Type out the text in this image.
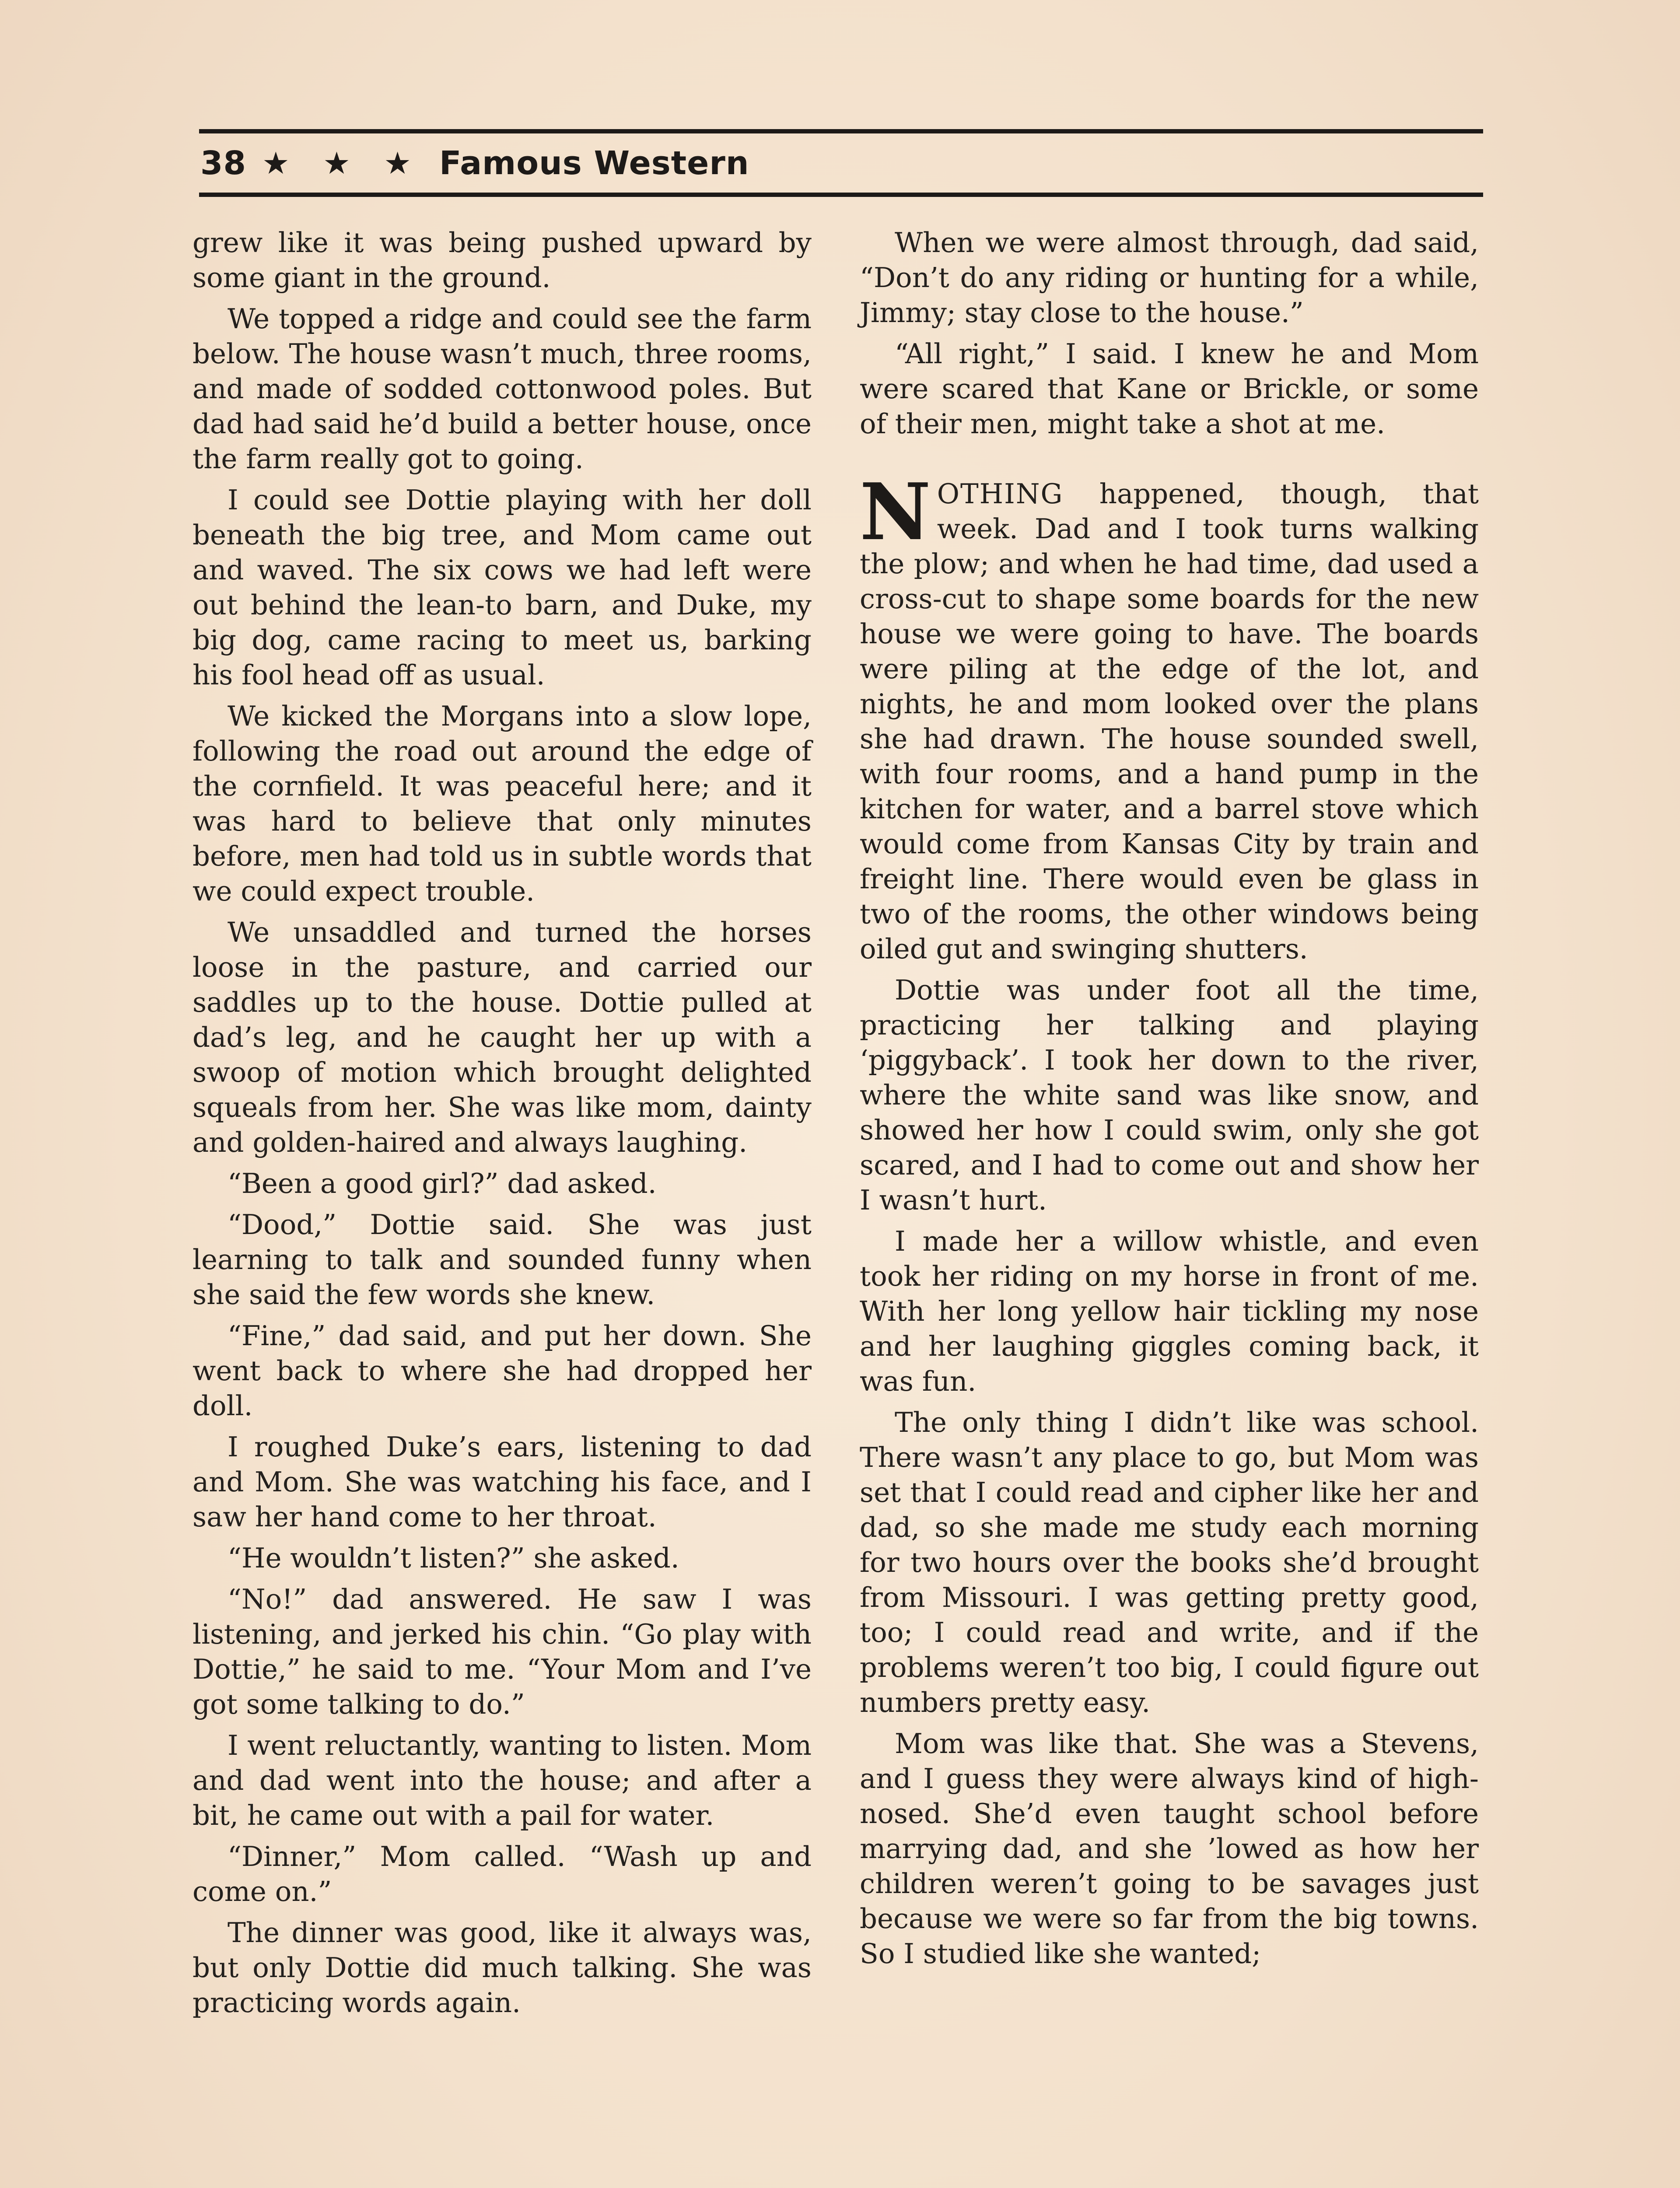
38 ★ ★ ★ Famous Western

grew like it was being pushed upward by some giant in the ground.

We topped a ridge and could see the farm below. The house wasn’t much, three rooms, and made of sodded cottonwood poles. But dad had said he’d build a better house, once the farm really got to going.

I could see Dottie playing with her doll beneath the big tree, and Mom came out and waved. The six cows we had left were out behind the lean-to barn, and Duke, my big dog, came racing to meet us, barking his fool head off as usual.

We kicked the Morgans into a slow lope, following the road out around the edge of the cornfield. It was peaceful here; and it was hard to believe that only minutes before, men had told us in subtle words that we could expect trouble.

We unsaddled and turned the horses loose in the pasture, and carried our saddles up to the house. Dottie pulled at dad’s leg, and he caught her up with a swoop of motion which brought delighted squeals from her. She was like mom, dainty and golden-haired and always laughing.

“Been a good girl?” dad asked.

“Dood,” Dottie said. She was just learning to talk and sounded funny when she said the few words she knew.

“Fine,” dad said, and put her down. She went back to where she had dropped her doll.

I roughed Duke’s ears, listening to dad and Mom. She was watching his face, and I saw her hand come to her throat.

“He wouldn’t listen?” she asked.

“No!” dad answered. He saw I was listening, and jerked his chin. “Go play with Dottie,” he said to me. “Your Mom and I’ve got some talking to do.”

I went reluctantly, wanting to listen. Mom and dad went into the house; and after a bit, he came out with a pail for water.

“Dinner,” Mom called. “Wash up and come on.”

The dinner was good, like it always was, but only Dottie did much talking. She was practicing words again.

When we were almost through, dad said, “Don’t do any riding or hunting for a while, Jimmy; stay close to the house.”

“All right,” I said. I knew he and Mom were scared that Kane or Brickle, or some of their men, might take a shot at me.

NOTHING happened, though, that week. Dad and I took turns walking the plow; and when he had time, dad used a cross-cut to shape some boards for the new house we were going to have. The boards were piling at the edge of the lot, and nights, he and mom looked over the plans she had drawn. The house sounded swell, with four rooms, and a hand pump in the kitchen for water, and a barrel stove which would come from Kansas City by train and freight line. There would even be glass in two of the rooms, the other windows being oiled gut and swinging shutters.

Dottie was under foot all the time, practicing her talking and playing ‘piggyback’. I took her down to the river, where the white sand was like snow, and showed her how I could swim, only she got scared, and I had to come out and show her I wasn’t hurt.

I made her a willow whistle, and even took her riding on my horse in front of me. With her long yellow hair tickling my nose and her laughing giggles coming back, it was fun.

The only thing I didn’t like was school. There wasn’t any place to go, but Mom was set that I could read and cipher like her and dad, so she made me study each morning for two hours over the books she’d brought from Missouri. I was getting pretty good, too; I could read and write, and if the problems weren’t too big, I could figure out numbers pretty easy.

Mom was like that. She was a Stevens, and I guess they were always kind of high-nosed. She’d even taught school before marrying dad, and she ’lowed as how her children weren’t going to be savages just because we were so far from the big towns. So I studied like she wanted;
